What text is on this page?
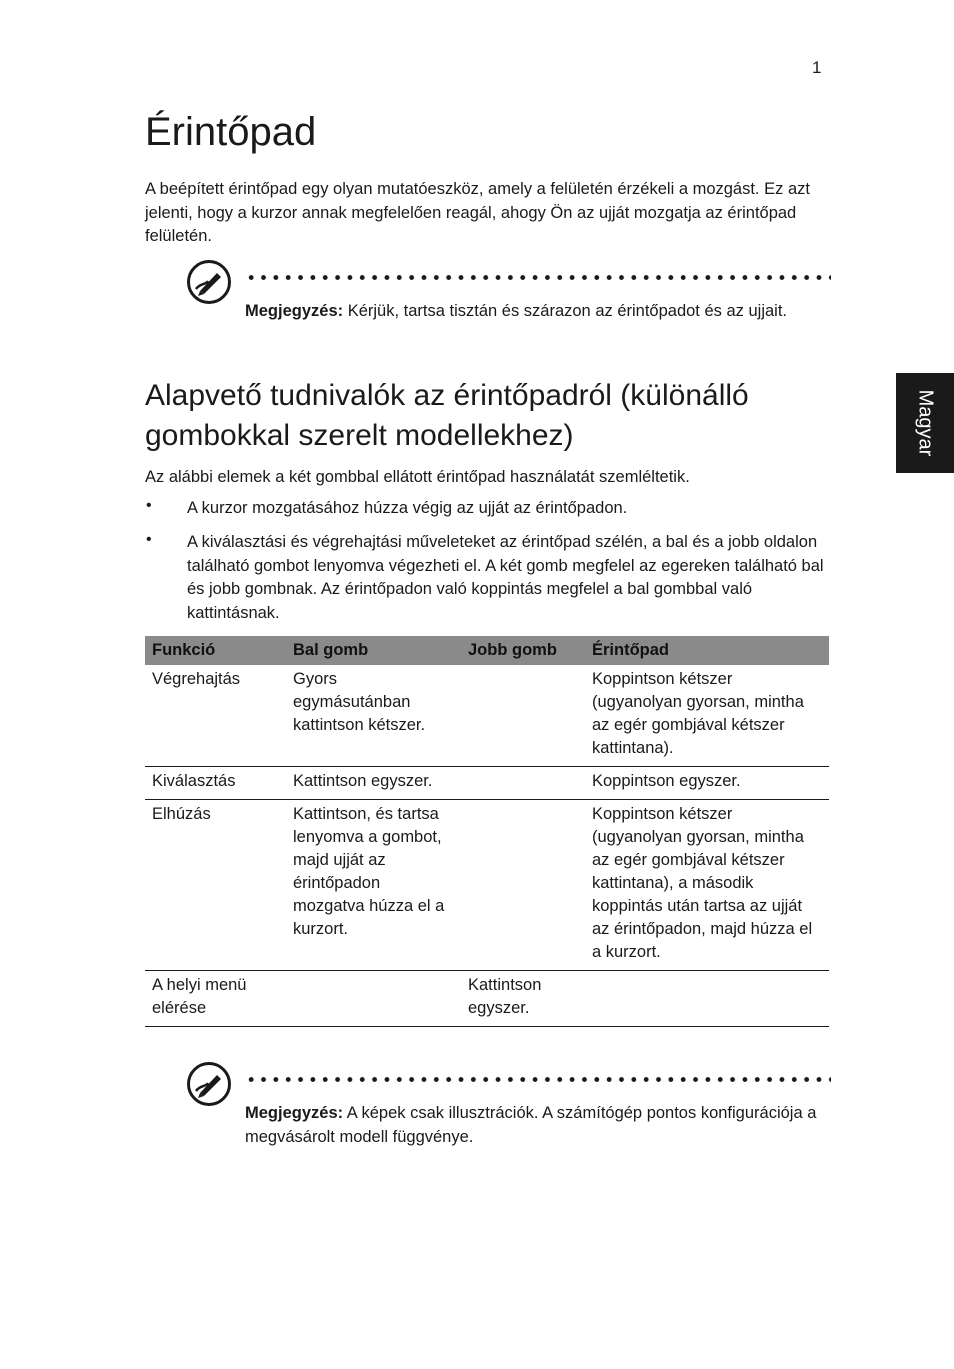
1
Magyar
Érintőpad

A beépített érintőpad egy olyan mutatóeszköz, amely a felületén érzékeli a mozgást. Ez azt jelenti, hogy a kurzor annak megfelelően reagál, ahogy Ön az ujját mozgatja az érintőpad felületén.

Megjegyzés: Kérjük, tartsa tisztán és szárazon az érintőpadot és az ujjait.

Alapvető tudnivalók az érintőpadról (különálló gombokkal szerelt modellekhez)

Az alábbi elemek a két gombbal ellátott érintőpad használatát szemléltetik.

• A kurzor mozgatásához húzza végig az ujját az érintőpadon.

• A kiválasztási és végrehajtási műveleteket az érintőpad szélén, a bal és a jobb oldalon található gombot lenyomva végezheti el. A két gomb megfelel az egereken található bal és jobb gombnak. Az érintőpadon való koppintás megfelel a bal gombbal való kattintásnak.

Funkció	Bal gomb	Jobb gomb	Érintőpad
Végrehajtás	Gyors egymásutánban kattintson kétszer.		Koppintson kétszer (ugyanolyan gyorsan, mintha az egér gombjával kétszer kattintana).
Kiválasztás	Kattintson egyszer.		Koppintson egyszer.
Elhúzás	Kattintson, és tartsa lenyomva a gombot, majd ujját az érintőpadon mozgatva húzza el a kurzort.		Koppintson kétszer (ugyanolyan gyorsan, mintha az egér gombjával kétszer kattintana), a második koppintás után tartsa az ujját az érintőpadon, majd húzza el a kurzort.
A helyi menü elérése		Kattintson egyszer.	

Megjegyzés: A képek csak illusztrációk. A számítógép pontos konfigurációja a megvásárolt modell függvénye.
